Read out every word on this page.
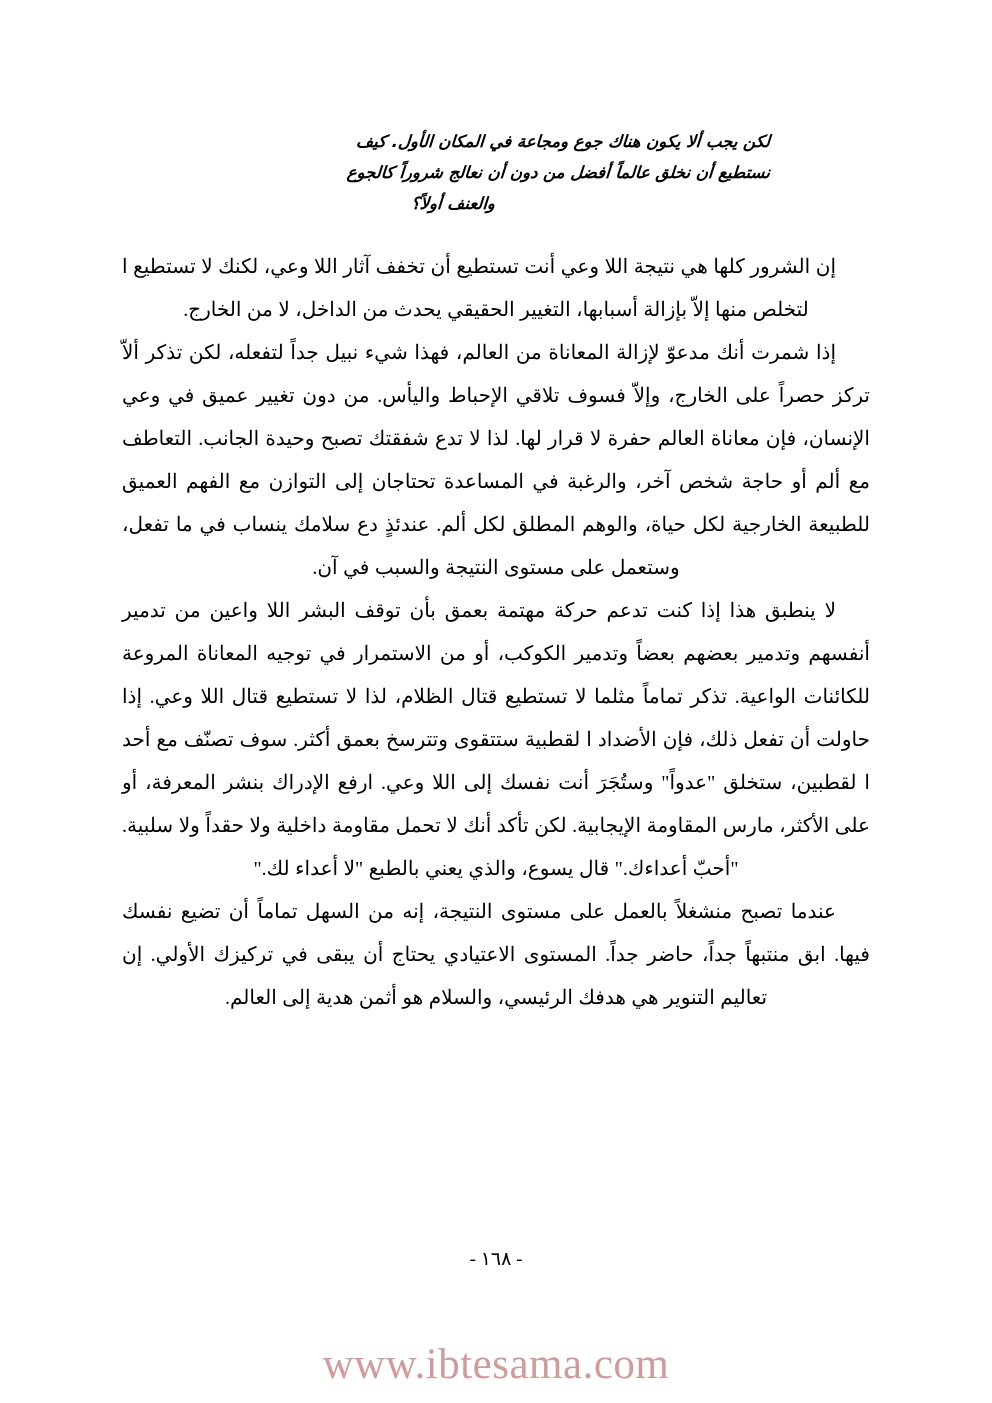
لكن يجب ألا يكون هناك جوع ومجاعة في المكان الأول. كيف
نستطيع أن نخلق عالماً أفضل من دون أن نعالج شروراً كالجوع
والعنف أولاً؟

إن الشرور كلها هي نتيجة اللا وعي أنت تستطيع أن تخفف آثار اللا وعي، لكنك لا تستطيع ا لتخلص منها إلاّ بإزالة أسبابها، التغيير الحقيقي يحدث من الداخل، لا من الخارج.

إذا شمرت أنك مدعوّ لإزالة المعاناة من العالم، فهذا شيء نبيل جداً لتفعله، لكن تذكر ألاّ تركز حصراً على الخارج، وإلاّ فسوف تلاقي الإحباط واليأس. من دون تغيير عميق في وعي الإنسان، فإن معاناة العالم حفرة لا قرار لها. لذا لا تدع شفقتك تصبح وحيدة الجانب. التعاطف مع ألم أو حاجة شخص آخر، والرغبة في المساعدة تحتاجان إلى التوازن مع الفهم العميق للطبيعة الخارجية لكل حياة، والوهم المطلق لكل ألم. عندئذٍ دع سلامك ينساب في ما تفعل، وستعمل على مستوى النتيجة والسبب في آن.

لا ينطبق هذا إذا كنت تدعم حركة مهتمة بعمق بأن توقف البشر اللا واعين من تدمير أنفسهم وتدمير بعضهم بعضاً وتدمير الكوكب، أو من الاستمرار في توجيه المعاناة المروعة للكائنات الواعية. تذكر تماماً مثلما لا تستطيع قتال الظلام، لذا لا تستطيع قتال اللا وعي. إذا حاولت أن تفعل ذلك، فإن الأضداد ا لقطبية ستتقوى وتترسخ بعمق أكثر. سوف تصنّف مع أحد ا لقطبين، ستخلق "عدواً" وستُجَرَ أنت نفسك إلى اللا وعي. ارفع الإدراك بنشر المعرفة، أو على الأكثر، مارس المقاومة الإيجابية. لكن تأكد أنك لا تحمل مقاومة داخلية ولا حقداً ولا سلبية. "أحبّ أعداءك." قال يسوع، والذي يعني بالطبع "لا أعداء لك."

عندما تصبح منشغلاً بالعمل على مستوى النتيجة، إنه من السهل تماماً أن تضيع نفسك فيها. ابق منتبهاً جداً، حاضر جداً. المستوى الاعتيادي يحتاج أن يبقى في تركيزك الأولي. إن تعاليم التنوير هي هدفك الرئيسي، والسلام هو أثمن هدية إلى العالم.

- ١٦٨ -
www.ibtesama.com
